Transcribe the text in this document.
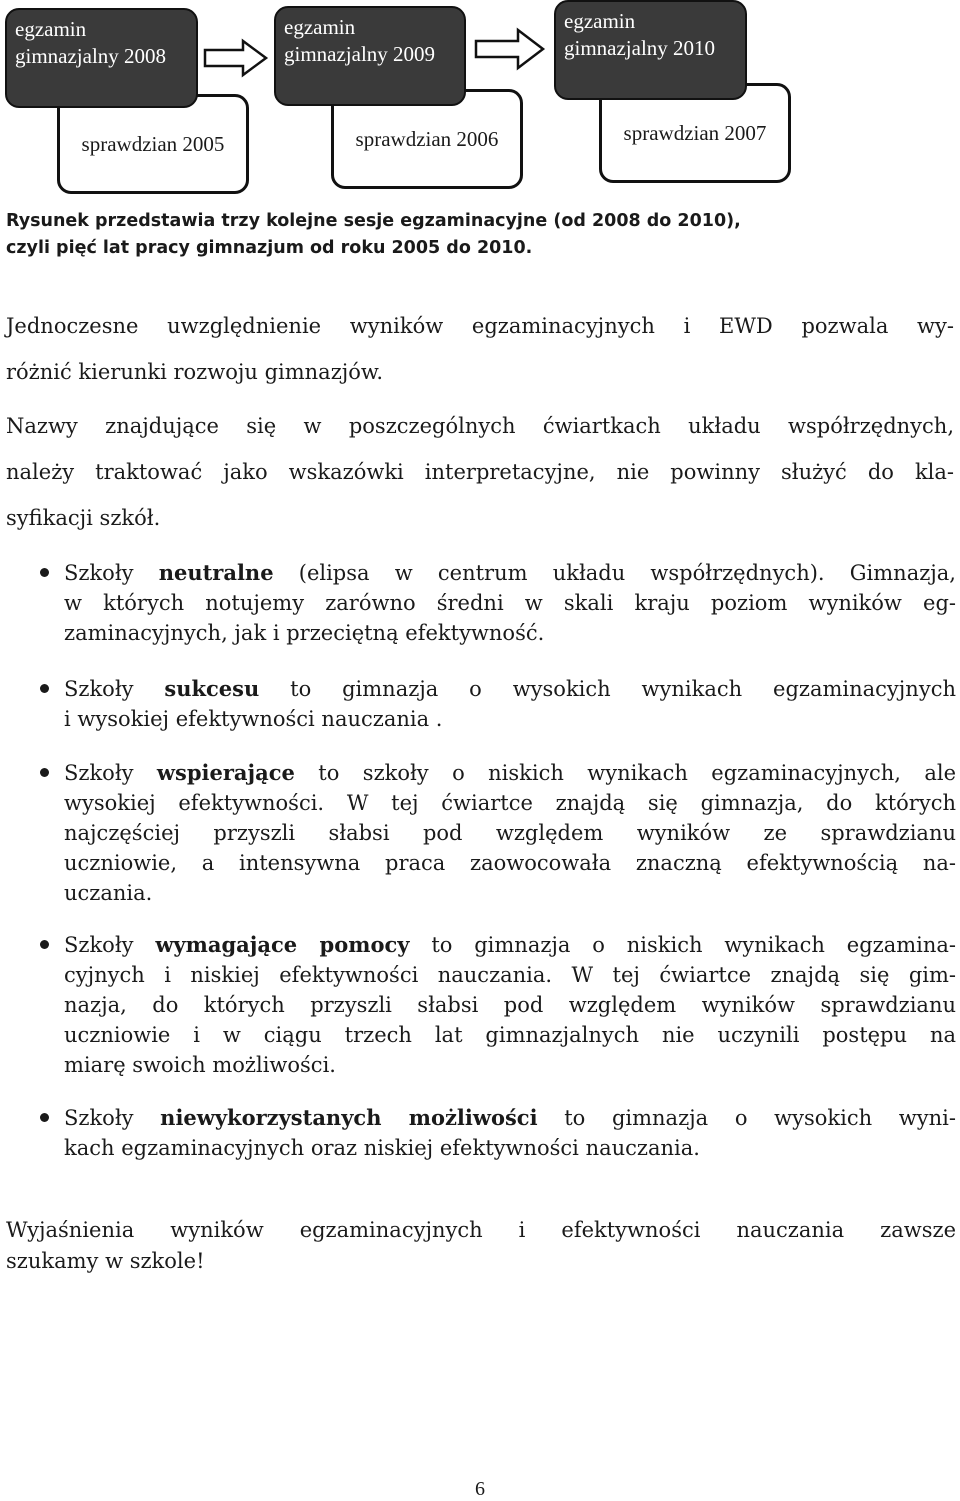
sprawdzian 2005	sprawdzian 2006	sprawdzian 2007
egzamin gimnazjalny 2008
egzamin gimnazjalny 2009
egzamin gimnazjalny 2010
Rysunek przedstawia trzy kolejne sesje egzaminacyjne (od 2008 do 2010),
czyli pięć lat pracy gimnazjum od roku 2005 do 2010.

Jednoczesne uwzględnienie wyników egzaminacyjnych i EWD pozwala wy-
różnić kierunki rozwoju gimnazjów.

Nazwy znajdujące się w poszczególnych ćwiartkach układu współrzędnych,
należy traktować jako wskazówki interpretacyjne, nie powinny służyć do kla-
syfikacji szkół.

Szkoły neutralne (elipsa w centrum układu współrzędnych). Gimnazja,
w których notujemy zarówno średni w skali kraju poziom wyników eg-
zaminacyjnych, jak i przeciętną efektywność.
Szkoły sukcesu to gimnazja o wysokich wynikach egzaminacyjnych
i wysokiej efektywności nauczania .
Szkoły wspierające to szkoły o niskich wynikach egzaminacyjnych, ale
wysokiej efektywności. W tej ćwiartce znajdą się gimnazja, do których
najczęściej przyszli słabsi pod względem wyników ze sprawdzianu
uczniowie, a intensywna praca zaowocowała znaczną efektywnością na-
uczania.
Szkoły wymagające pomocy to gimnazja o niskich wynikach egzamina-
cyjnych i niskiej efektywności nauczania. W tej ćwiartce znajdą się gim-
nazja, do których przyszli słabsi pod względem wyników sprawdzianu
uczniowie i w ciągu trzech lat gimnazjalnych nie uczynili postępu na
miarę swoich możliwości.
Szkoły niewykorzystanych możliwości to gimnazja o wysokich wyni-
kach egzaminacyjnych oraz niskiej efektywności nauczania.
Wyjaśnienia wyników egzaminacyjnych i efektywności nauczania zawsze
szukamy w szkole!
6
